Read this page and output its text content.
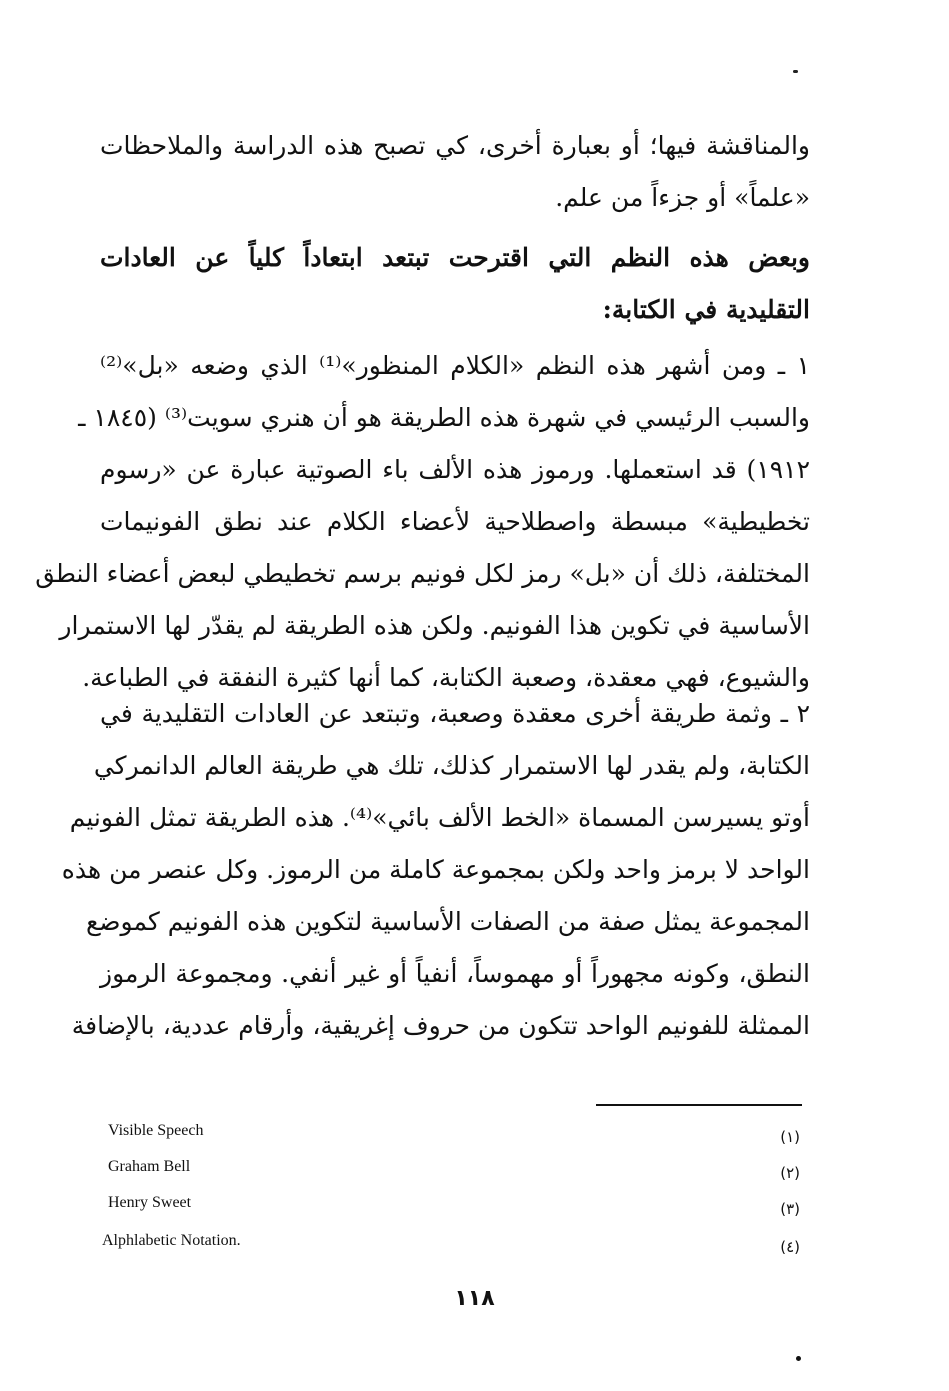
والمناقشة فيها؛ أو بعبارة أخرى، كي تصبح هذه الدراسة والملاحظات
«علماً» أو جزءاً من علم.
وبعض هذه النظم التي اقترحت تبتعد ابتعاداً كلياً عن العادات
التقليدية في الكتابة:
١ ـ ومن أشهر هذه النظم «الكلام المنظور»⁽¹⁾ الذي وضعه «بل»⁽²⁾
والسبب الرئيسي في شهرة هذه الطريقة هو أن هنري سويت⁽³⁾ (١٨٤٥ ـ
١٩١٢) قد استعملها. ورموز هذه الألف باء الصوتية عبارة عن «رسوم
تخطيطية» مبسطة واصطلاحية لأعضاء الكلام عند نطق الفونيمات
المختلفة، ذلك أن «بل» رمز لكل فونيم برسم تخطيطي لبعض أعضاء النطق
الأساسية في تكوين هذا الفونيم. ولكن هذه الطريقة لم يقدّر لها الاستمرار
والشيوع، فهي معقدة، وصعبة الكتابة، كما أنها كثيرة النفقة في الطباعة.
٢ ـ وثمة طريقة أخرى معقدة وصعبة، وتبتعد عن العادات التقليدية في
الكتابة، ولم يقدر لها الاستمرار كذلك، تلك هي طريقة العالم الدانمركي
أوتو يسيرسن المسماة «الخط الألف بائي»⁽⁴⁾. هذه الطريقة تمثل الفونيم
الواحد لا برمز واحد ولكن بمجموعة كاملة من الرموز. وكل عنصر من هذه
المجموعة يمثل صفة من الصفات الأساسية لتكوين هذه الفونيم كموضع
النطق، وكونه مجهوراً أو مهموساً، أنفياً أو غير أنفي. ومجموعة الرموز
الممثلة للفونيم الواحد تتكون من حروف إغريقية، وأرقام عددية، بالإضافة
Visible Speech	(١)
Graham Bell	(٢)
Henry Sweet	(٣)
Alphlabetic Notation.	(٤)
١١٨
